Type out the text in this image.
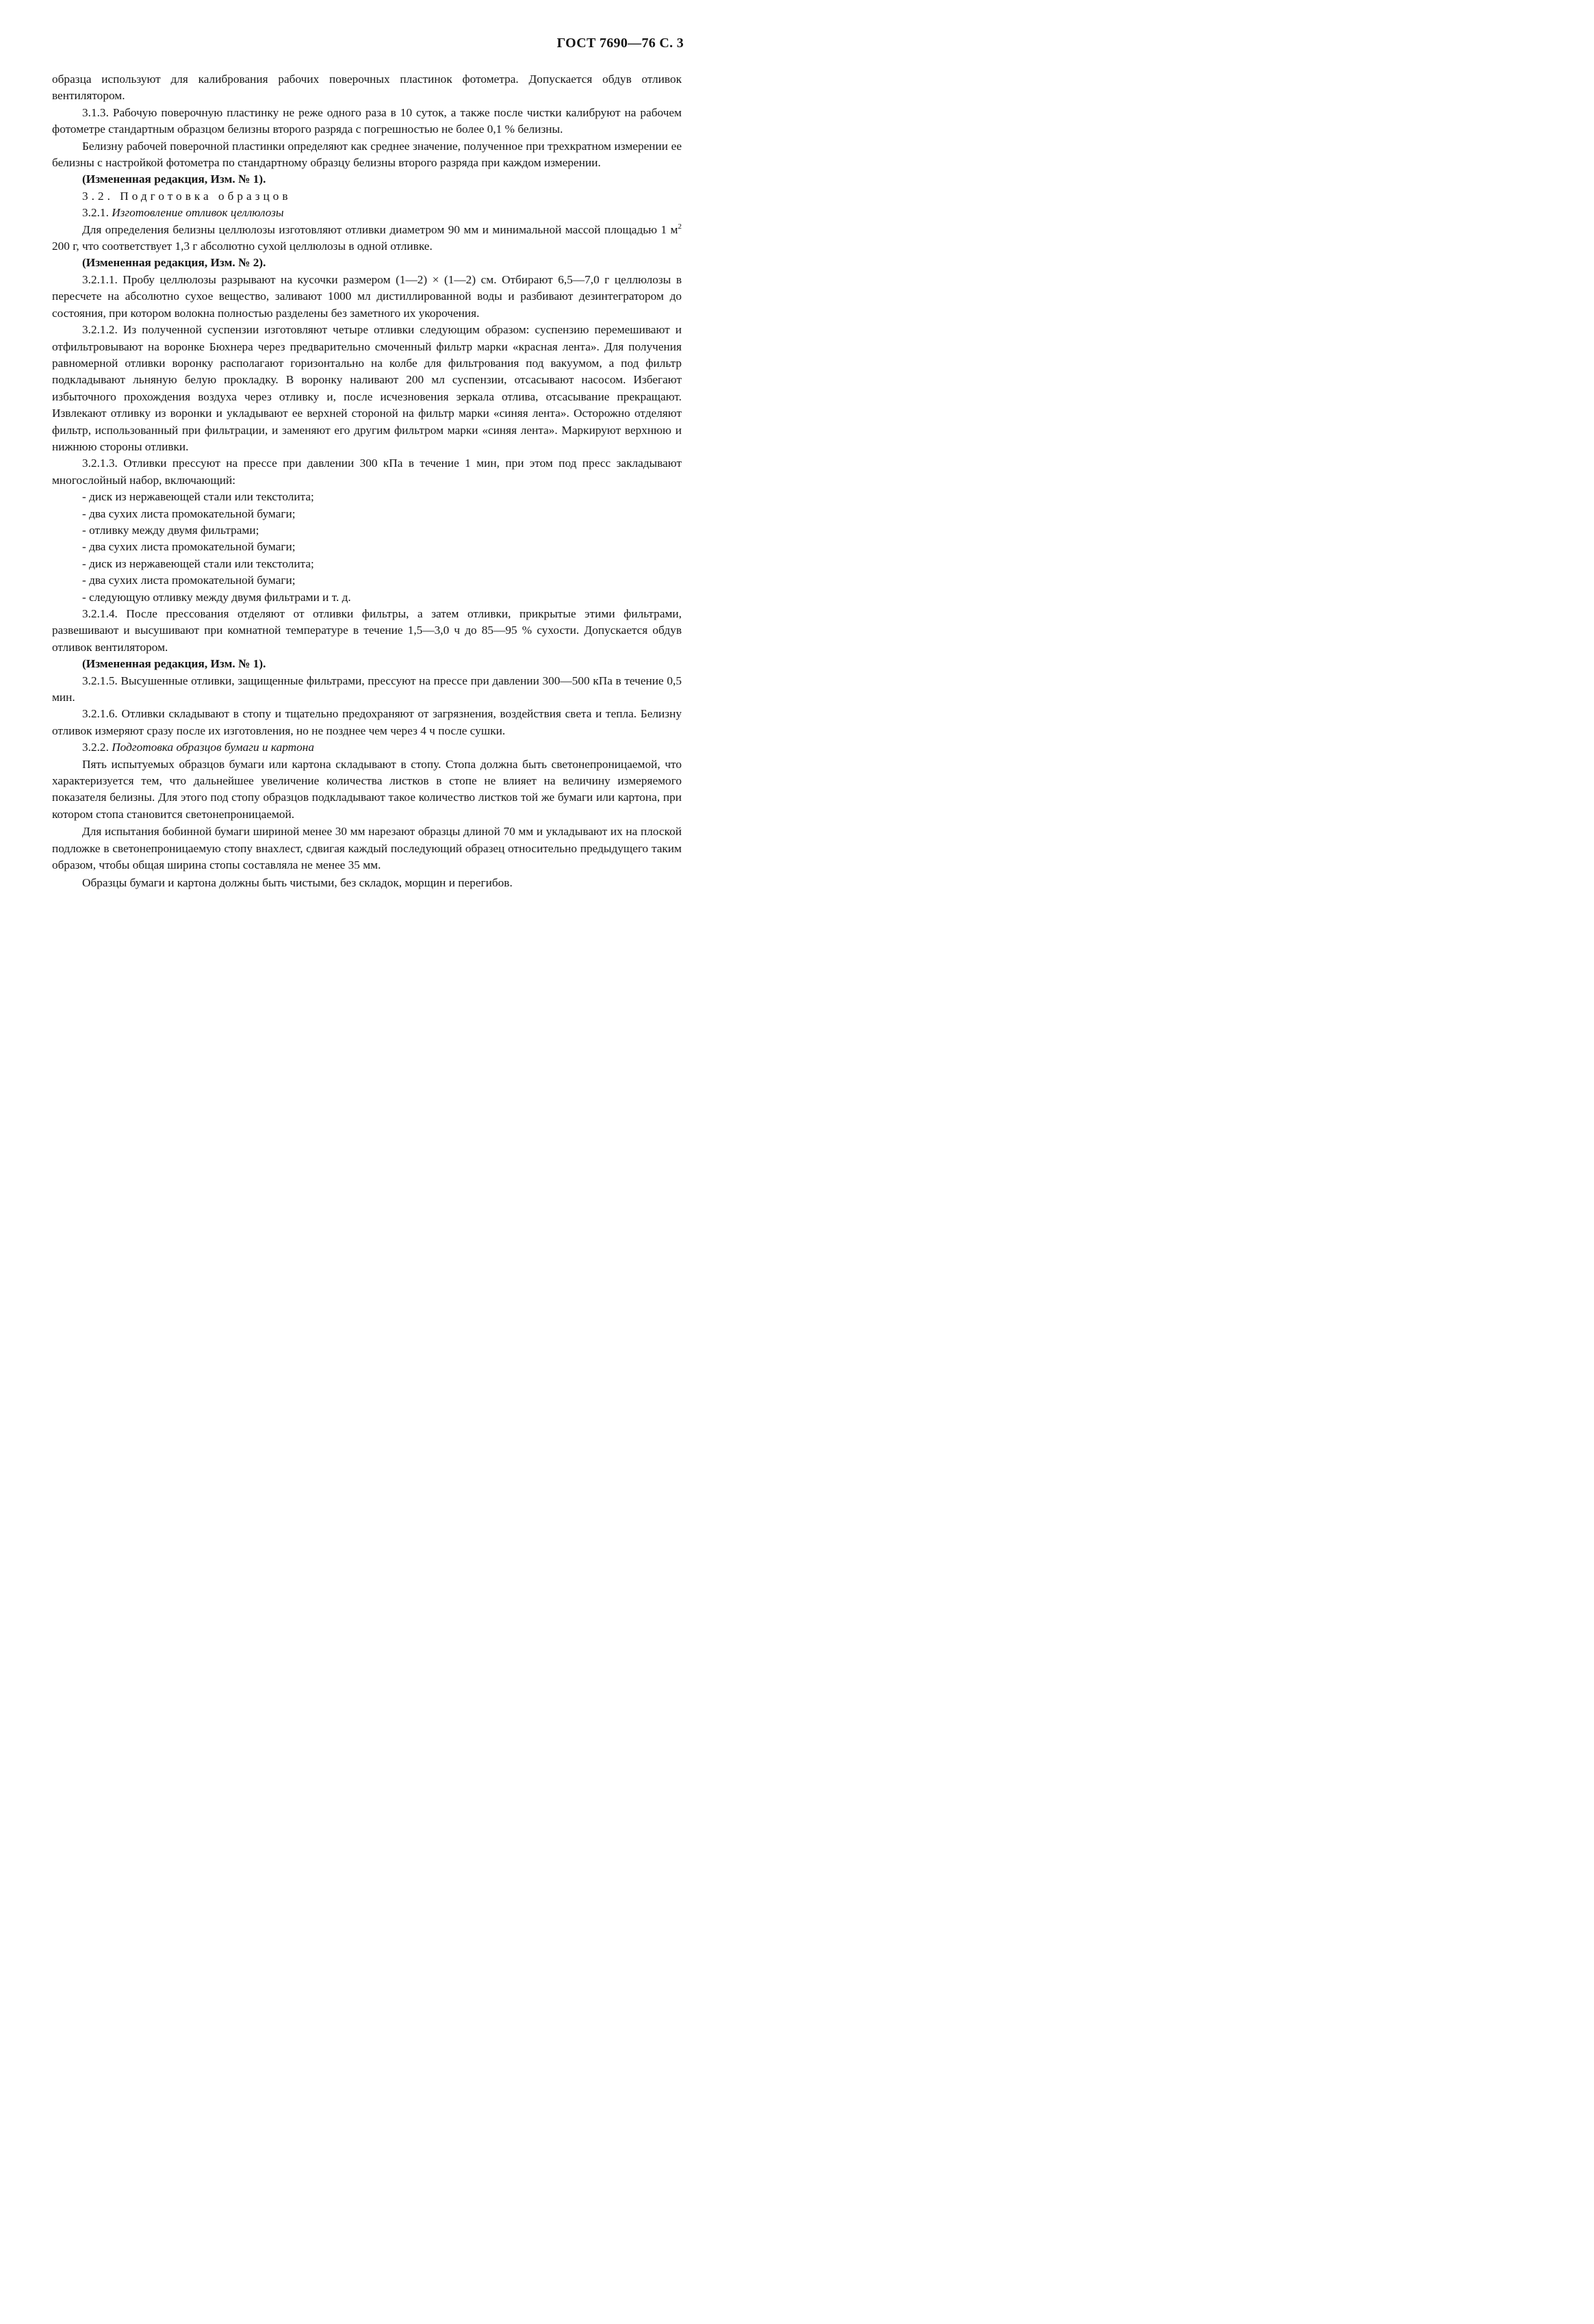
ГОСТ 7690—76 С. 3

образца используют для калибрования рабочих поверочных пластинок фотометра. Допускается обдув отливок вентилятором.

3.1.3. Рабочую поверочную пластинку не реже одного раза в 10 суток, а также после чистки калибруют на рабочем фотометре стандартным образцом белизны второго разряда с погрешностью не более 0,1 % белизны.

Белизну рабочей поверочной пластинки определяют как среднее значение, полученное при трехкратном измерении ее белизны с настройкой фотометра по стандартному образцу белизны второго разряда при каждом измерении.

(Измененная редакция, Изм. № 1).

3.2. Подготовка образцов

3.2.1. Изготовление отливок целлюлозы

Для определения белизны целлюлозы изготовляют отливки диаметром 90 мм и минимальной массой площадью 1 $м^2$ 200 г, что соответствует 1,3 г абсолютно сухой целлюлозы в одной отливке.

(Измененная редакция, Изм. № 2).

3.2.1.1. Пробу целлюлозы разрывают на кусочки размером (1—2) × (1—2) см. Отбирают 6,5—7,0 г целлюлозы в пересчете на абсолютно сухое вещество, заливают 1000 мл дистиллированной воды и разбивают дезинтегратором до состояния, при котором волокна полностью разделены без заметного их укорочения.

3.2.1.2. Из полученной суспензии изготовляют четыре отливки следующим образом: суспензию перемешивают и отфильтровывают на воронке Бюхнера через предварительно смоченный фильтр марки «красная лента». Для получения равномерной отливки воронку располагают горизонтально на колбе для фильтрования под вакуумом, а под фильтр подкладывают льняную белую прокладку. В воронку наливают 200 мл суспензии, отсасывают насосом. Избегают избыточного прохождения воздуха через отливку и, после исчезновения зеркала отлива, отсасывание прекращают. Извлекают отливку из воронки и укладывают ее верхней стороной на фильтр марки «синяя лента». Осторожно отделяют фильтр, использованный при фильтрации, и заменяют его другим фильтром марки «синяя лента». Маркируют верхнюю и нижнюю стороны отливки.

3.2.1.3. Отливки прессуют на прессе при давлении 300 кПа в течение 1 мин, при этом под пресс закладывают многослойный набор, включающий:

- диск из нержавеющей стали или текстолита;

- два сухих листа промокательной бумаги;

- отливку между двумя фильтрами;

- два сухих листа промокательной бумаги;

- диск из нержавеющей стали или текстолита;

- два сухих листа промокательной бумаги;

- следующую отливку между двумя фильтрами и т. д.

3.2.1.4. После прессования отделяют от отливки фильтры, а затем отливки, прикрытые этими фильтрами, развешивают и высушивают при комнатной температуре в течение 1,5—3,0 ч до 85—95 % сухости. Допускается обдув отливок вентилятором.

(Измененная редакция, Изм. № 1).

3.2.1.5. Высушенные отливки, защищенные фильтрами, прессуют на прессе при давлении 300—500 кПа в течение 0,5 мин.

3.2.1.6. Отливки складывают в стопу и тщательно предохраняют от загрязнения, воздействия света и тепла. Белизну отливок измеряют сразу после их изготовления, но не позднее чем через 4 ч после сушки.

3.2.2. Подготовка образцов бумаги и картона

Пять испытуемых образцов бумаги или картона складывают в стопу. Стопа должна быть светонепроницаемой, что характеризуется тем, что дальнейшее увеличение количества листков в стопе не влияет на величину измеряемого показателя белизны. Для этого под стопу образцов подкладывают такое количество листков той же бумаги или картона, при котором стопа становится светонепроницаемой.

Для испытания бобинной бумаги шириной менее 30 мм нарезают образцы длиной 70 мм и укладывают их на плоской подложке в светонепроницаемую стопу внахлест, сдвигая каждый последующий образец относительно предыдущего таким образом, чтобы общая ширина стопы составляла не менее 35 мм.

Образцы бумаги и картона должны быть чистыми, без складок, морщин и перегибов.
